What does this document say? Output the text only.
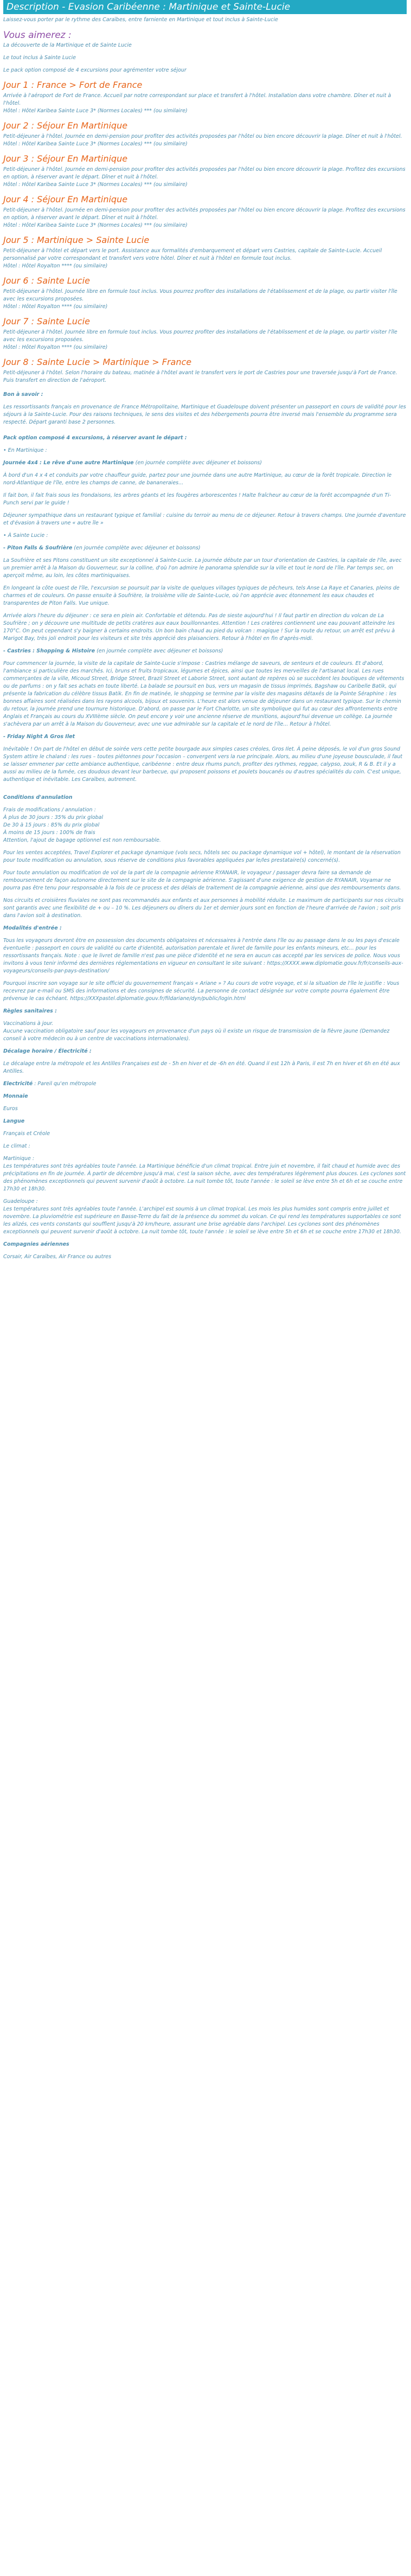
Description - Evasion Caribéenne : Martinique et Sainte-Lucie
Laissez-vous porter par le rythme des Caraïbes, entre farniente en Martinique et tout inclus à Sainte-Lucie
Vous aimerez :

La découverte de la Martinique et de Sainte Lucie

Le tout inclus à Sainte Lucie

Le pack option composé de 4 excursions pour agrémenter votre séjour

Jour 1 : France > Fort de France

Arrivée à l'aéroport de Fort de France. Accueil par notre correspondant sur place et transfert à l'hôtel. Installation dans votre chambre. Dîner et nuit à l'hôtel.

Hôtel : Hôtel Karibea Sainte Luce 3* (Normes Locales) *** (ou similaire)

Jour 2 : Séjour En Martinique

Petit-déjeuner à l'hôtel. Journée en demi-pension pour profiter des activités proposées par l'hôtel ou bien encore découvrir la plage. Dîner et nuit à l'hôtel.

Hôtel : Hôtel Karibea Sainte Luce 3* (Normes Locales) *** (ou similaire)

Jour 3 : Séjour En Martinique

Petit-déjeuner à l'hôtel. Journée en demi-pension pour profiter des activités proposées par l'hôtel ou bien encore découvrir la plage. Profitez des excursions en option, à réserver avant le départ. Dîner et nuit à l'hôtel.

Hôtel : Hôtel Karibea Sainte Luce 3* (Normes Locales) *** (ou similaire)

Jour 4 : Séjour En Martinique

Petit-déjeuner à l'hôtel. Journée en demi-pension pour profiter des activités proposées par l'hôtel ou bien encore découvrir la plage. Profitez des excursions en option, à réserver avant le départ. Dîner et nuit à l'hôtel.

Hôtel : Hôtel Karibea Sainte Luce 3* (Normes Locales) *** (ou similaire)

Jour 5 : Martinique > Sainte Lucie

Petit-déjeuner à l'hôtel et départ vers le port. Assistance aux formalités d'embarquement et départ vers Castries, capitale de Sainte-Lucie. Accueil personnalisé par votre correspondant et transfert vers votre hôtel. Dîner et nuit à l'hôtel en formule tout inclus.

Hôtel : Hôtel Royalton **** (ou similaire)

Jour 6 : Sainte Lucie

Petit-déjeuner à l'hôtel. Journée libre en formule tout inclus. Vous pourrez profiter des installations de l'établissement et de la plage, ou partir visiter l'île avec les excursions proposées.

Hôtel : Hôtel Royalton **** (ou similaire)

Jour 7 : Sainte Lucie

Petit-déjeuner à l'hôtel. Journée libre en formule tout inclus. Vous pourrez profiter des installations de l'établissement et de la plage, ou partir visiter l'île avec les excursions proposées.

Hôtel : Hôtel Royalton **** (ou similaire)

Jour 8 : Sainte Lucie > Martinique > France

Petit-déjeuner à l'hôtel. Selon l'horaire du bateau, matinée à l'hôtel avant le transfert vers le port de Castries pour une traversée jusqu'à Fort de France. Puis transfert en direction de l'aéroport.

Bon à savoir :

Les ressortissants français en provenance de France Métropolitaine, Martinique et Guadeloupe doivent présenter un passeport en cours de validité pour les séjours à la Sainte-Lucie. Pour des raisons techniques, le sens des visites et des hébergements pourra être inversé mais l'ensemble du programme sera respecté. Départ garanti base 2 personnes.

Pack option composé 4 excursions, à réserver avant le départ :

• En Martinique :

Journée 4x4 : Le rêve d'une autre Martinique (en journée complète avec déjeuner et boissons)

À bord d'un 4 x 4 et conduits par votre chauffeur guide, partez pour une journée dans une autre Martinique, au cœur de la forêt tropicale. Direction le nord-Atlantique de l'île, entre les champs de canne, de bananeraies...

Il fait bon, il fait frais sous les frondaisons, les arbres géants et les fougères arborescentes ! Halte fraîcheur au cœur de la forêt accompagnée d'un Ti-Punch servi par le guide !

Déjeuner sympathique dans un restaurant typique et familial : cuisine du terroir au menu de ce déjeuner. Retour à travers champs. Une journée d'aventure et d'évasion à travers une « autre île »

• À Sainte Lucie :

- Piton Falls & Soufrière (en journée complète avec déjeuner et boissons)

La Soufrière et ses Pitons constituent un site exceptionnel à Sainte-Lucie. La journée débute par un tour d'orientation de Castries, la capitale de l'île, avec un premier arrêt à la Maison du Gouverneur, sur la colline, d'où l'on admire le panorama splendide sur la ville et tout le nord de l'île. Par temps sec, on aperçoit même, au loin, les côtes martiniquaises.

En longeant la côte ouest de l'île, l'excursion se poursuit par la visite de quelques villages typiques de pêcheurs, tels Anse La Raye et Canaries, pleins de charmes et de couleurs. On passe ensuite à Soufrière, la troisième ville de Sainte-Lucie, où l'on apprécie avec étonnement les eaux chaudes et transparentes de Piton Falls. Vue unique.

Arrivée alors l'heure du déjeuner : ce sera en plein air. Confortable et détendu. Pas de sieste aujourd'hui ! Il faut partir en direction du volcan de La Soufrière ; on y découvre une multitude de petits cratères aux eaux bouillonnantes. Attention ! Les cratères contiennent une eau pouvant atteindre les 170°C. On peut cependant s'y baigner à certains endroits. Un bon bain chaud au pied du volcan : magique ! Sur la route du retour, un arrêt est prévu à Marigot Bay, très joli endroit pour les visiteurs et site très apprécié des plaisanciers. Retour à l'hôtel en fin d'après-midi.

- Castries : Shopping & Histoire (en journée complète avec déjeuner et boissons)

Pour commencer la journée, la visite de la capitale de Sainte-Lucie s'impose : Castries mélange de saveurs, de senteurs et de couleurs. Et d'abord, l'ambiance si particulière des marchés. Ici, bruns et fruits tropicaux, légumes et épices, ainsi que toutes les merveilles de l'artisanat local. Les rues commerçantes de la ville, Micoud Street, Bridge Street, Brazil Street et Laborie Street, sont autant de repères où se succèdent les boutiques de vêtements ou de parfums : on y fait ses achats en toute liberté. La balade se poursuit en bus, vers un magasin de tissus imprimés, Bagshaw ou Caribelle Batik, qui présente la fabrication du célèbre tissus Batik. En fin de matinée, le shopping se termine par la visite des magasins détaxés de la Pointe Séraphine : les bonnes affaires sont réalisées dans les rayons alcools, bijoux et souvenirs. L'heure est alors venue de déjeuner dans un restaurant typique. Sur le chemin du retour, la journée prend une tournure historique. D'abord, on passe par le Fort Charlotte, un site symbolique qui fut au cœur des affrontements entre Anglais et Français au cours du XVIIIème siècle. On peut encore y voir une ancienne réserve de munitions, aujourd'hui devenue un collège. La journée s'achèvera par un arrêt à la Maison du Gouverneur, avec une vue admirable sur la capitale et le nord de l'île... Retour à l'hôtel.

- Friday Night A Gros Ilet

Inévitable ! On part de l'hôtel en début de soirée vers cette petite bourgade aux simples cases créoles, Gros Ilet. À peine déposés, le vol d'un gros Sound System attire le chaland : les rues – toutes piétonnes pour l'occasion – convergent vers la rue principale. Alors, au milieu d'une joyeuse bousculade, il faut se laisser emmener par cette ambiance authentique, caribéenne : entre deux rhums punch, profiter des rythmes, reggae, calypso, zouk, R & B. Et il y a aussi au milieu de la fumée, ces doudous devant leur barbecue, qui proposent poissons et poulets boucanés ou d'autres spécialités du coin. C'est unique, authentique et inévitable. Les Caraïbes, autrement.

Conditions d'annulation

Frais de modifications / annulation :

À plus de 30 jours : 35% du prix global

De 30 à 15 jours : 85% du prix global

À moins de 15 jours : 100% de frais

Attention, l'ajout de bagage optionnel est non remboursable.

Pour les ventes acceptées, Travel Explorer et package dynamique (vols secs, hôtels sec ou package dynamique vol + hôtel), le montant de la réservation pour toute modification ou annulation, sous réserve de conditions plus favorables appliquées par le/les prestataire(s) concerné(s).

Pour toute annulation ou modification de vol de la part de la compagnie aérienne RYANAIR, le voyageur / passager devra faire sa demande de remboursement de façon autonome directement sur le site de la compagnie aérienne. S'agissant d'une exigence de gestion de RYANAIR, Voyamar ne pourra pas être tenu pour responsable à la fois de ce process et des délais de traitement de la compagnie aérienne, ainsi que des remboursements dans.

Nos circuits et croisières fluviales ne sont pas recommandés aux enfants et aux personnes à mobilité réduite. Le maximum de participants sur nos circuits sont garantis avec une flexibilité de + ou – 10 %. Les déjeuners ou dîners du 1er et dernier jours sont en fonction de l'heure d'arrivée de l'avion ; soit pris dans l'avion soit à destination.

Modalités d'entrée :

Tous les voyageurs devront être en possession des documents obligatoires et nécessaires à l'entrée dans l'île ou au passage dans le ou les pays d'escale éventuelle : passeport en cours de validité ou carte d'identité, autorisation parentale et livret de famille pour les enfants mineurs, etc... pour les ressortissants français. Note : que le livret de famille n'est pas une pièce d'identité et ne sera en aucun cas accepté par les services de police. Nous vous invitons à vous tenir informé des dernières réglementations en vigueur en consultant le site suivant : https://XXXX.www.diplomatie.gouv.fr/fr/conseils-aux-voyageurs/conseils-par-pays-destination/

Pourquoi inscrire son voyage sur le site officiel du gouvernement français « Ariane » ? Au cours de votre voyage, et si la situation de l'île le justifie : Vous recevrez par e-mail ou SMS des informations et des consignes de sécurité. La personne de contact désignée sur votre compte pourra également être prévenue le cas échéant. https://XXXpastel.diplomatie.gouv.fr/fildariane/dyn/public/login.html

Règles sanitaires :

Vaccinations à jour.

Aucune vaccination obligatoire sauf pour les voyageurs en provenance d'un pays où il existe un risque de transmission de la fièvre jaune (Demandez conseil à votre médecin ou à un centre de vaccinations internationales).

Décalage horaire / Électricité :

Le décalage entre la métropole et les Antilles Françaises est de - 5h en hiver et de -6h en été. Quand il est 12h à Paris, il est 7h en hiver et 6h en été aux Antilles.

Electricité : Pareil qu'en métropole

Monnaie

Euros

Langue

Français et Créole

Le climat :

Martinique :

Les températures sont très agréables toute l'année. La Martinique bénéficie d'un climat tropical. Entre juin et novembre, il fait chaud et humide avec des précipitations en fin de journée. À partir de décembre jusqu'à mai, c'est la saison sèche, avec des températures légèrement plus douces. Les cyclones sont des phénomènes exceptionnels qui peuvent survenir d'août à octobre. La nuit tombe tôt, toute l'année : le soleil se lève entre 5h et 6h et se couche entre 17h30 et 18h30.

Guadeloupe :

Les températures sont très agréables toute l'année. L'archipel est soumis à un climat tropical. Les mois les plus humides sont compris entre juillet et novembre. La pluviométrie est supérieure en Basse-Terre du fait de la présence du sommet du volcan. Ce qui rend les températures supportables ce sont les alizés, ces vents constants qui soufflent jusqu'à 20 km/heure, assurant une brise agréable dans l'archipel. Les cyclones sont des phénomènes exceptionnels qui peuvent survenir d'août à octobre. La nuit tombe tôt, toute l'année : le soleil se lève entre 5h et 6h et se couche entre 17h30 et 18h30.

Compagnies aériennes

Corsair, Air Caraïbes, Air France ou autres
